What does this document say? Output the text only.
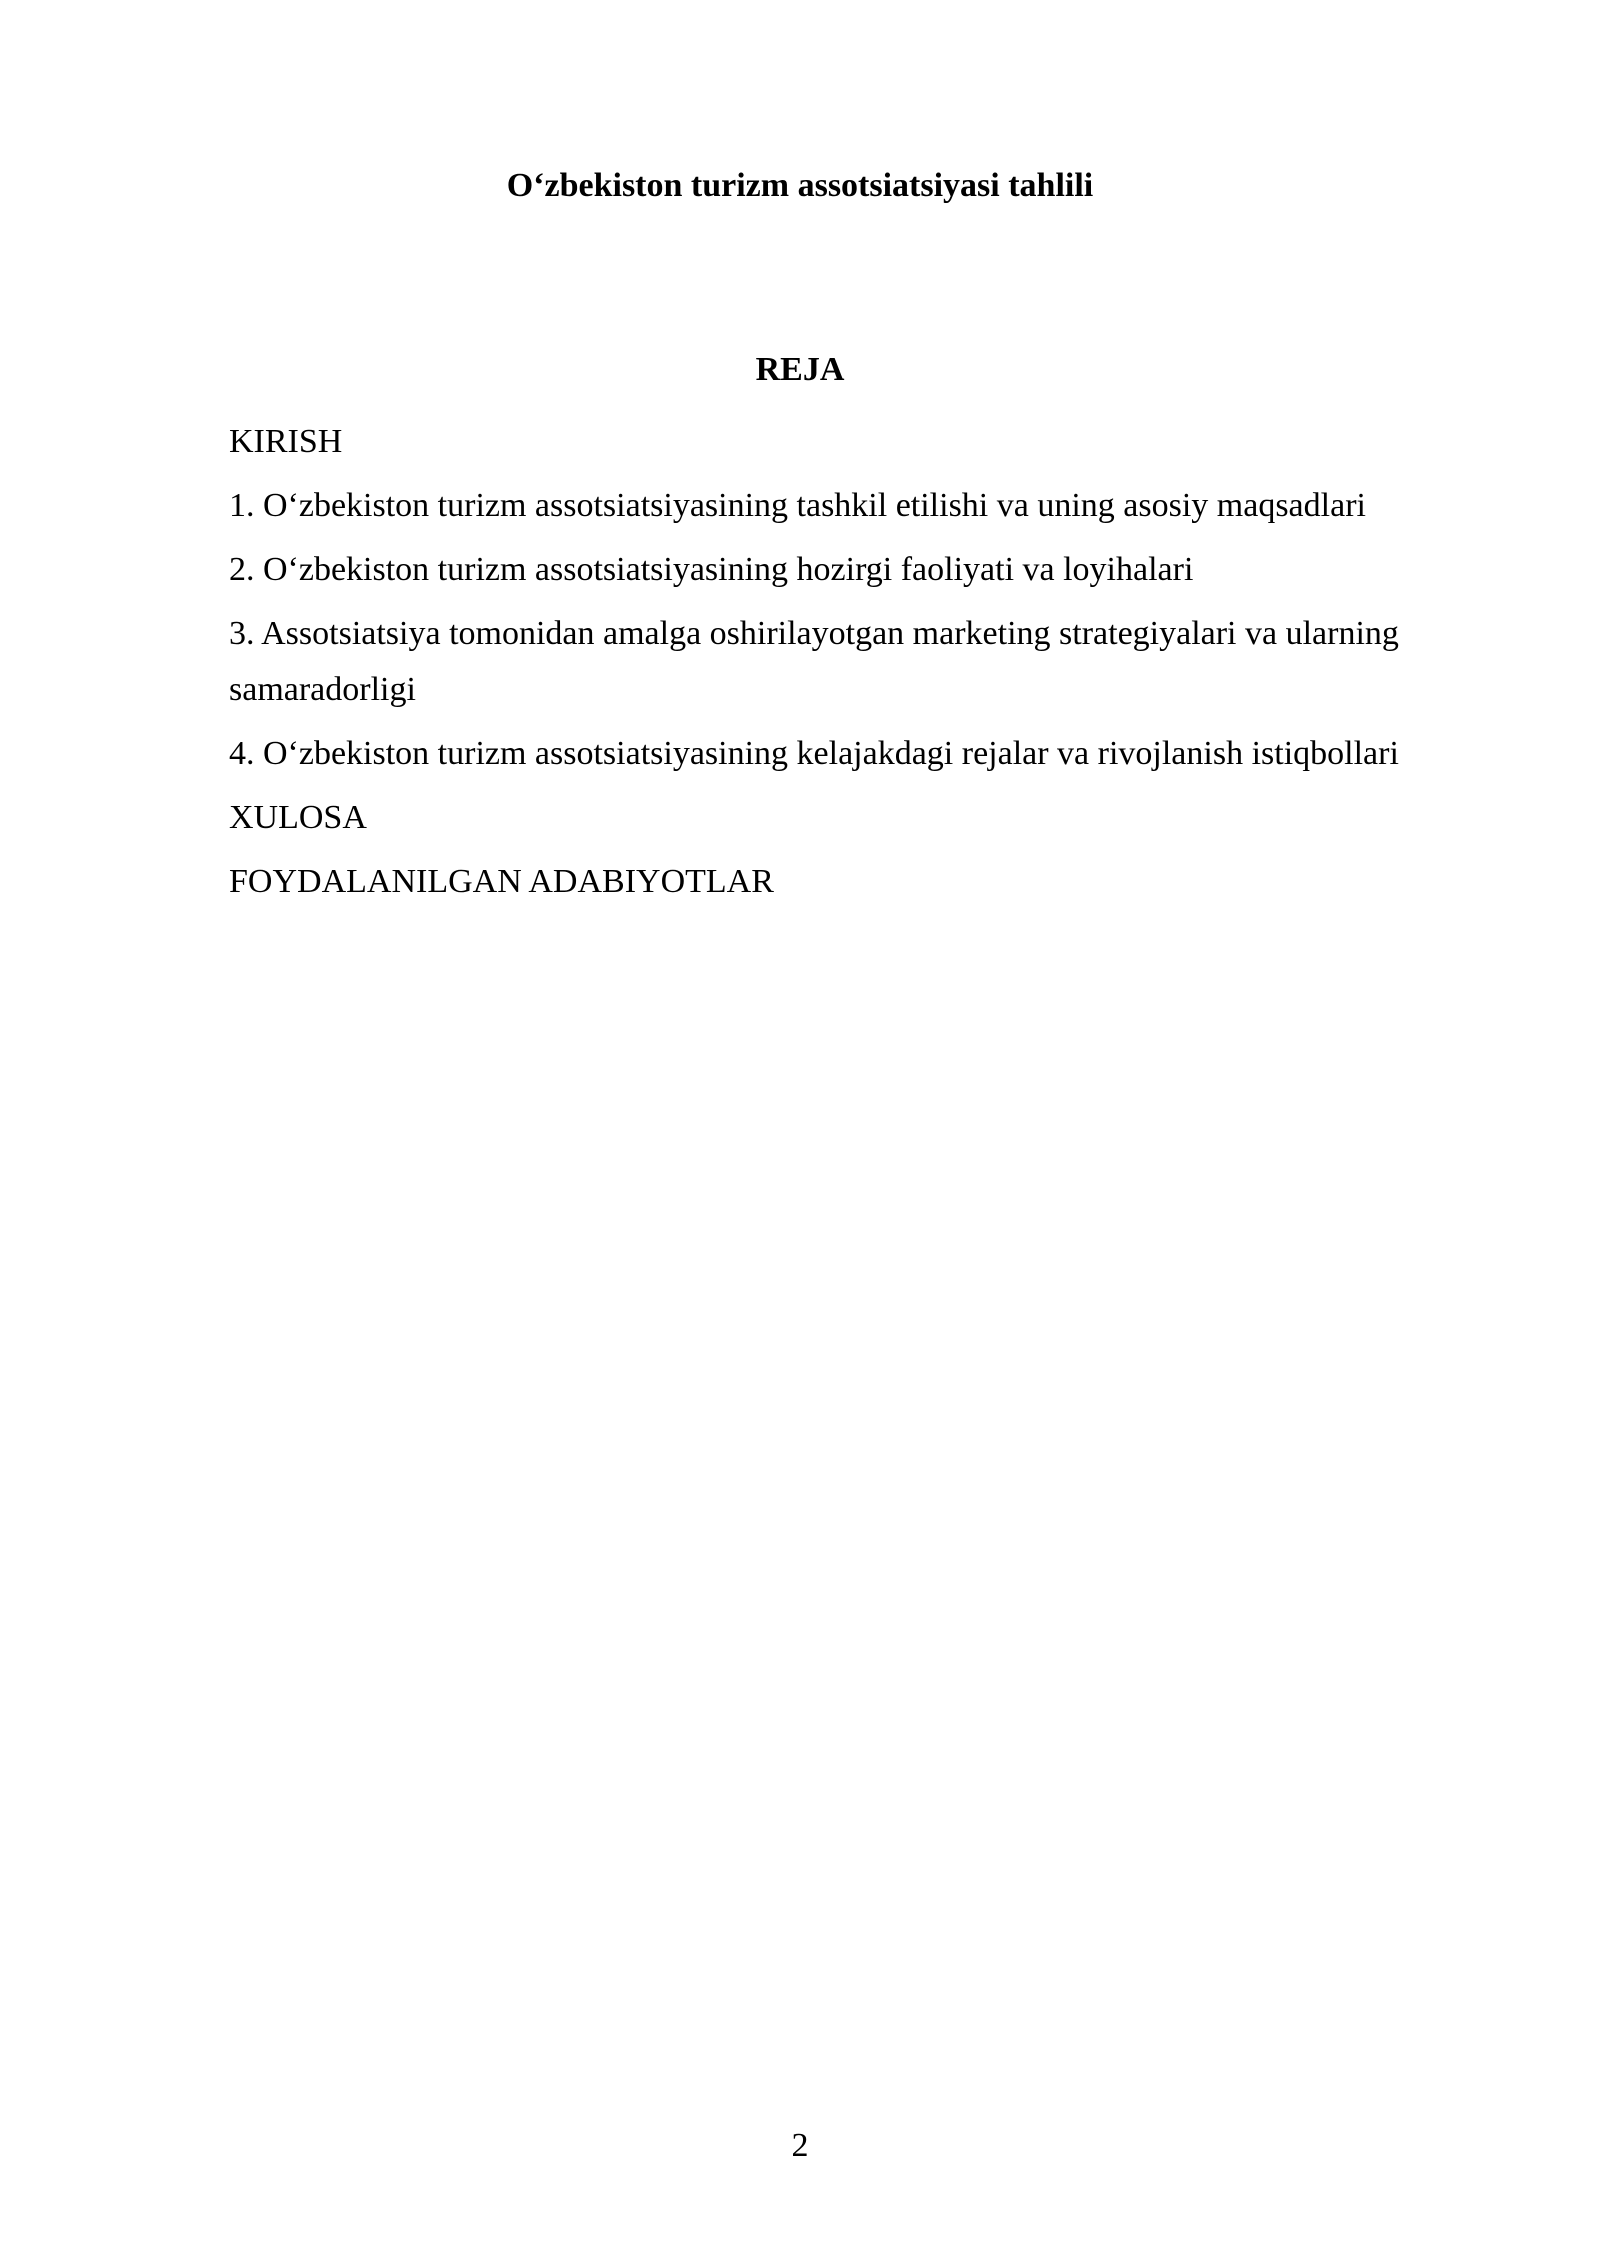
O‘zbekiston turizm assotsiatsiyasi tahlili
REJA
KIRISH
1. O‘zbekiston turizm assotsiatsiyasining tashkil etilishi va uning asosiy maqsadlari
2. O‘zbekiston turizm assotsiatsiyasining hozirgi faoliyati va loyihalari
3. Assotsiatsiya tomonidan amalga oshirilayotgan marketing strategiyalari va ularning samaradorligi
4. O‘zbekiston turizm assotsiatsiyasining kelajakdagi rejalar va rivojlanish istiqbollari
XULOSA
FOYDALANILGAN ADABIYOTLAR
2
